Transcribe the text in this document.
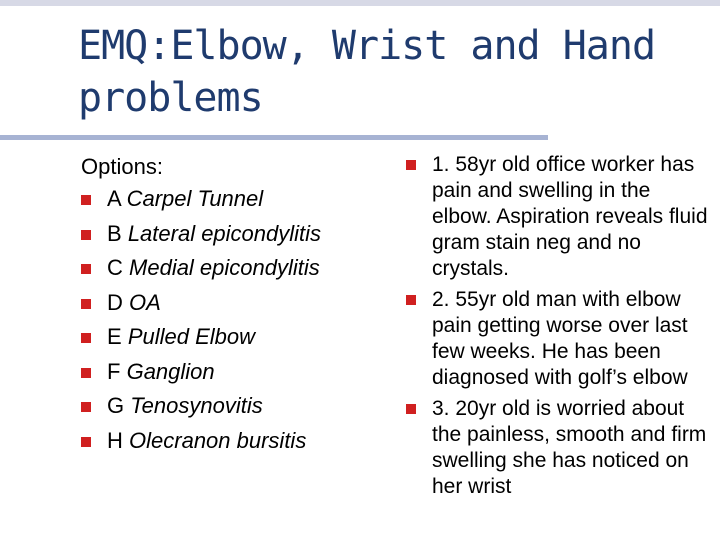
EMQ:Elbow, Wrist and Hand problems
Options:
A Carpel Tunnel
B Lateral epicondylitis
C Medial epicondylitis
D OA
E Pulled Elbow
F Ganglion
G Tenosynovitis
H Olecranon bursitis
1. 58yr old office worker has pain and swelling in the elbow. Aspiration reveals fluid gram stain neg and no crystals.
2. 55yr old man with elbow pain getting worse over last few weeks. He has been diagnosed with golf’s elbow
3. 20yr old is worried about the painless, smooth and firm swelling she has noticed on her wrist
